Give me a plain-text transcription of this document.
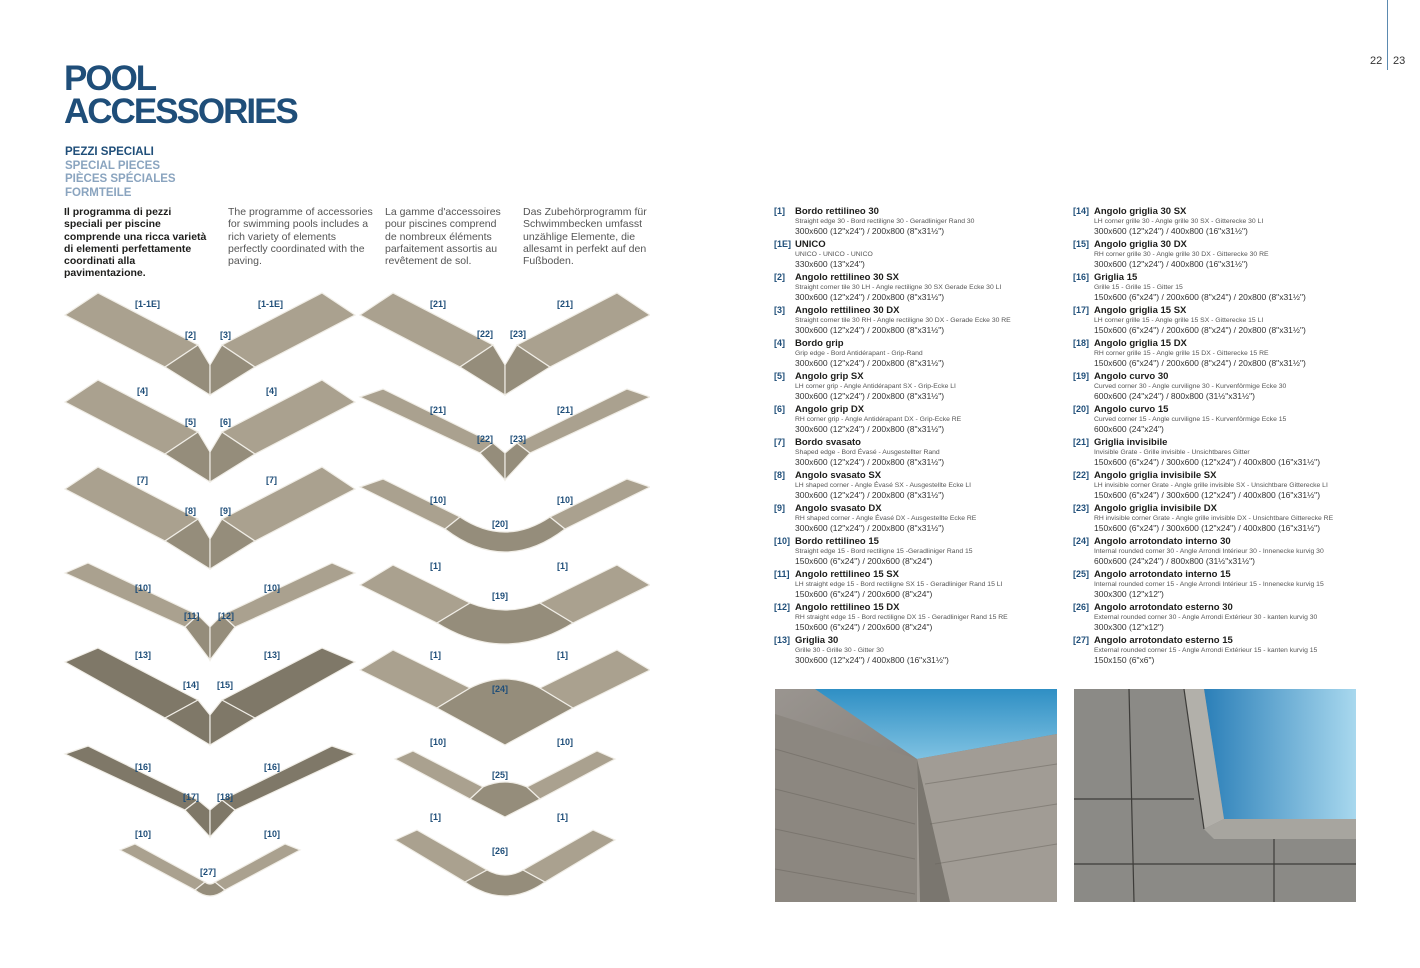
22 23
POOL
ACCESSORIES
PEZZI SPECIALI
SPECIAL PIECES
PIÈCES SPÉCIALES
FORMTEILE
Il programma di pezzi speciali per piscine comprende una ricca varietà di elementi perfettamente coordinati alla pavimentazione.
The programme of accessories for swimming pools includes a rich variety of elements perfectly coordinated with the paving.
La gamme d'accessoires pour piscines comprend de nombreux éléments parfaitement assortis au revêtement de sol.
Das Zubehörprogramm für Schwimmbecken umfasst unzählige Elemente, die allesamt in perfekt auf den Fußboden.
[1-1E]
[2]	[3]
[1-1E]
[4]
[5]	[6]
[4]
[7]
[8]	[9]
[7]
[10]
[11] [12]
[10]
[13]
[14] [15]
[13]
[16]
[17] [18]
[16]
[10]
[27]
[10]
[21]
[22] [23]
[21]
[21]
[22] [23]
[21]
[10]
[20]
[10]
[1]
[19]
[1]
[1]
[24]
[1]
[10]
[25]
[10]
[1]
[26]
[1]
[1] Bordo rettilineo 30
Straight edge 30 - Bord rectiligne 30 - Geradliniger Rand 30
300x600 (12"x24") / 200x800 (8"x31½")
[1E] UNICO
UNICO - UNICO - UNICO
330x600 (13"x24")
[2] Angolo rettilineo 30 SX
Straight corner tile 30 LH - Angle rectiligne 30 SX Gerade Ecke 30 LI
300x600 (12"x24") / 200x800 (8"x31½")
[3] Angolo rettilineo 30 DX
Straight corner tile 30 RH - Angle rectiligne 30 DX - Gerade Ecke 30 RE
300x600 (12"x24") / 200x800 (8"x31½")
[4] Bordo grip
Grip edge - Bord Antidérapant - Grip-Rand
300x600 (12"x24") / 200x800 (8"x31½")
[5] Angolo grip SX
LH corner grip - Angle Antidérapant SX - Grip-Ecke LI
300x600 (12"x24") / 200x800 (8"x31½")
[6] Angolo grip DX
RH corner grip - Angle Antidérapant DX - Grip-Ecke RE
300x600 (12"x24") / 200x800 (8"x31½")
[7] Bordo svasato
Shaped edge - Bord Évasé - Ausgestellter Rand
300x600 (12"x24") / 200x800 (8"x31½")
[8] Angolo svasato SX
LH shaped corner - Angle Évasé SX - Ausgestellte Ecke LI
300x600 (12"x24") / 200x800 (8"x31½")
[9] Angolo svasato DX
RH shaped corner - Angle Évasé DX - Ausgestellte Ecke RE
300x600 (12"x24") / 200x800 (8"x31½")
[10] Bordo rettilineo 15
Straight edge 15 - Bord rectiligne 15 -Geradliniger Rand 15
150x600 (6"x24") / 200x600 (8"x24")
[11] Angolo rettilineo 15 SX
LH straight edge 15 - Bord rectiligne SX 15 - Geradliniger Rand 15 LI
150x600 (6"x24") / 200x600 (8"x24")
[12] Angolo rettilineo 15 DX
RH straight edge 15 - Bord rectiligne DX 15 - Geradliniger Rand 15 RE
150x600 (6"x24") / 200x600 (8"x24")
[13] Griglia 30
Grille 30 - Grille 30 - Gitter 30
300x600 (12"x24") / 400x800 (16"x31½")
[14] Angolo griglia 30 SX
LH corner grille 30 - Angle grille 30 SX - Gitterecke 30 LI
300x600 (12"x24") / 400x800 (16"x31½")
[15] Angolo griglia 30 DX
RH corner grille 30 - Angle grille 30 DX - Gitterecke 30 RE
300x600 (12"x24") / 400x800 (16"x31½")
[16] Griglia 15
Grille 15 - Grille 15 - Gitter 15
150x600 (6"x24") / 200x600 (8"x24") / 20x800 (8"x31½")
[17] Angolo griglia 15 SX
LH corner grille 15 - Angle grille 15 SX - Gitterecke 15 LI
150x600 (6"x24") / 200x600 (8"x24") / 20x800 (8"x31½")
[18] Angolo griglia 15 DX
RH corner grille 15 - Angle grille 15 DX - Gitterecke 15 RE
150x600 (6"x24") / 200x600 (8"x24") / 20x800 (8"x31½")
[19] Angolo curvo 30
Curved corner 30 - Angle curviligne 30 - Kurvenförmige Ecke 30
600x600 (24"x24") / 800x800 (31½"x31½")
[20] Angolo curvo 15
Curved corner 15 - Angle curviligne 15 - Kurvenförmige Ecke 15
600x600 (24"x24")
[21] Griglia invisibile
Invisible Grate - Grille invisible - Unsichtbares Gitter
150x600 (6"x24") / 300x600 (12"x24") / 400x800 (16"x31½")
[22] Angolo griglia invisibile SX
LH invisible corner Grate - Angle grille invisible SX - Unsichtbare Gitterecke LI
150x600 (6"x24") / 300x600 (12"x24") / 400x800 (16"x31½")
[23] Angolo griglia invisibile DX
RH invisible corner Grate - Angle grille invisible DX - Unsichtbare Gitterecke RE
150x600 (6"x24") / 300x600 (12"x24") / 400x800 (16"x31½")
[24] Angolo arrotondato interno 30
Internal rounded corner 30 - Angle Arrondi Intérieur 30 - Innenecke kurvig 30
600x600 (24"x24") / 800x800 (31½"x31½")
[25] Angolo arrotondato interno 15
Internal rounded corner 15 - Angle Arrondi Intérieur 15 - Innenecke kurvig 15
300x300 (12"x12")
[26] Angolo arrotondato esterno 30
External rounded corner 30 - Angle Arrondi Extérieur 30 - kanten kurvig 30
300x300 (12"x12")
[27] Angolo arrotondato esterno 15
External rounded corner 15 - Angle Arrondi Extérieur 15 - kanten kurvig 15
150x150 (6"x6")
